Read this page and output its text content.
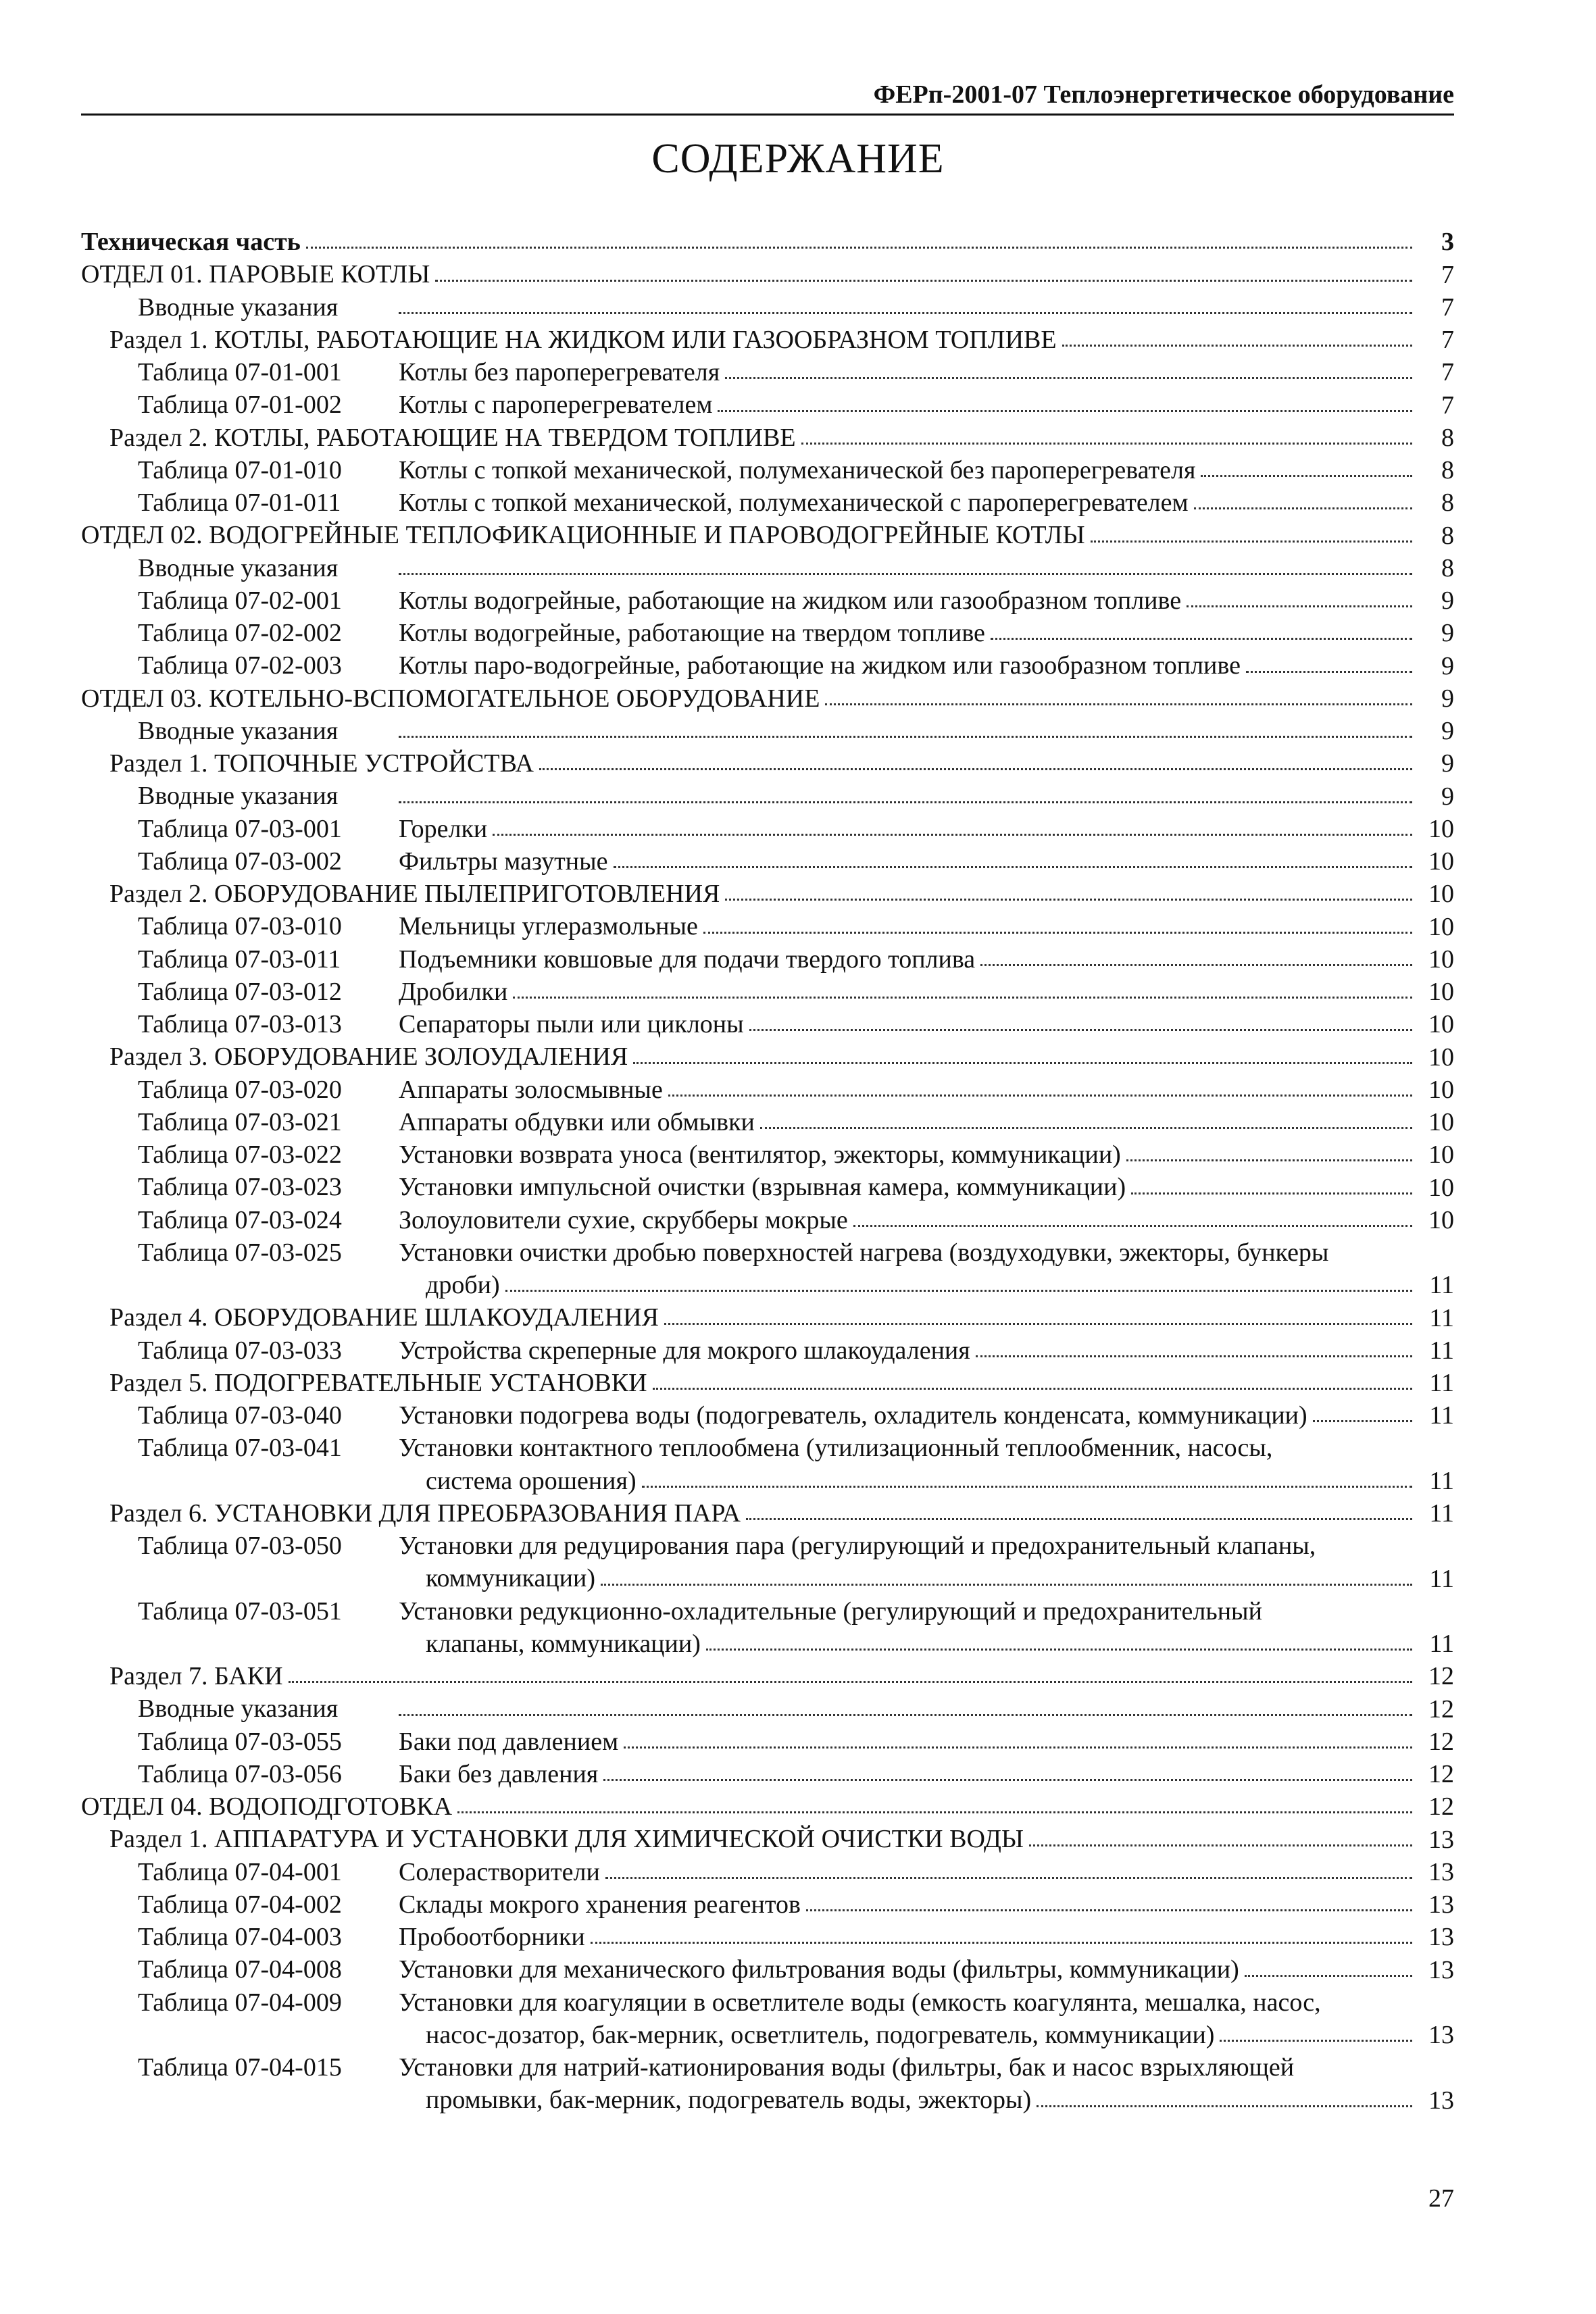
ФЕРп-2001-07 Теплоэнергетическое оборудование
СОДЕРЖАНИЕ
Техническая часть	3
ОТДЕЛ 01. ПАРОВЫЕ КОТЛЫ	7
Вводные указания	7
Раздел 1. КОТЛЫ, РАБОТАЮЩИЕ НА ЖИДКОМ ИЛИ ГАЗООБРАЗНОМ ТОПЛИВЕ	7
Таблица 07-01-001 Котлы без пароперегревателя	7
Таблица 07-01-002 Котлы с пароперегревателем	7
Раздел 2. КОТЛЫ, РАБОТАЮЩИЕ НА ТВЕРДОМ ТОПЛИВЕ	8
Таблица 07-01-010 Котлы с топкой механической, полумеханической без пароперегревателя	8
Таблица 07-01-011 Котлы с топкой механической, полумеханической с пароперегревателем	8
ОТДЕЛ 02. ВОДОГРЕЙНЫЕ ТЕПЛОФИКАЦИОННЫЕ И ПАРОВОДОГРЕЙНЫЕ КОТЛЫ	8
Вводные указания	8
Таблица 07-02-001 Котлы водогрейные, работающие на жидком или газообразном топливе	9
Таблица 07-02-002 Котлы водогрейные, работающие на твердом топливе	9
Таблица 07-02-003 Котлы паро-водогрейные, работающие на жидком или газообразном топливе	9
ОТДЕЛ 03. КОТЕЛЬНО-ВСПОМОГАТЕЛЬНОЕ ОБОРУДОВАНИЕ	9
Вводные указания	9
Раздел 1. ТОПОЧНЫЕ УСТРОЙСТВА	9
Вводные указания	9
Таблица 07-03-001 Горелки	10
Таблица 07-03-002 Фильтры мазутные	10
Раздел 2. ОБОРУДОВАНИЕ ПЫЛЕПРИГОТОВЛЕНИЯ	10
Таблица 07-03-010 Мельницы углеразмольные	10
Таблица 07-03-011 Подъемники ковшовые для подачи твердого топлива	10
Таблица 07-03-012 Дробилки	10
Таблица 07-03-013 Сепараторы пыли или циклоны	10
Раздел 3. ОБОРУДОВАНИЕ ЗОЛОУДАЛЕНИЯ	10
Таблица 07-03-020 Аппараты золосмывные	10
Таблица 07-03-021 Аппараты обдувки или обмывки	10
Таблица 07-03-022 Установки возврата уноса (вентилятор, эжекторы, коммуникации)	10
Таблица 07-03-023 Установки импульсной очистки (взрывная камера, коммуникации)	10
Таблица 07-03-024 Золоуловители сухие, скрубберы мокрые	10
Таблица 07-03-025 Установки очистки дробью поверхностей нагрева (воздуходувки, эжекторы, бункеры
дроби)	11
Раздел 4. ОБОРУДОВАНИЕ ШЛАКОУДАЛЕНИЯ	11
Таблица 07-03-033 Устройства скреперные для мокрого шлакоудаления	11
Раздел 5. ПОДОГРЕВАТЕЛЬНЫЕ УСТАНОВКИ	11
Таблица 07-03-040 Установки подогрева воды (подогреватель, охладитель конденсата, коммуникации)	11
Таблица 07-03-041 Установки контактного теплообмена (утилизационный теплообменник, насосы,
система орошения)	11
Раздел 6. УСТАНОВКИ ДЛЯ ПРЕОБРАЗОВАНИЯ ПАРА	11
Таблица 07-03-050 Установки для редуцирования пара (регулирующий и предохранительный клапаны,
коммуникации)	11
Таблица 07-03-051 Установки редукционно-охладительные (регулирующий и предохранительный
клапаны, коммуникации)	11
Раздел 7. БАКИ	12
Вводные указания	12
Таблица 07-03-055 Баки под давлением	12
Таблица 07-03-056 Баки без давления	12
ОТДЕЛ 04. ВОДОПОДГОТОВКА	12
Раздел 1. АППАРАТУРА И УСТАНОВКИ ДЛЯ ХИМИЧЕСКОЙ ОЧИСТКИ ВОДЫ	13
Таблица 07-04-001 Солерастворители	13
Таблица 07-04-002 Склады мокрого хранения реагентов	13
Таблица 07-04-003 Пробоотборники	13
Таблица 07-04-008 Установки для механического фильтрования воды (фильтры, коммуникации)	13
Таблица 07-04-009 Установки для коагуляции в осветлителе воды (емкость коагулянта, мешалка, насос,
насос-дозатор, бак-мерник, осветлитель, подогреватель, коммуникации)	13
Таблица 07-04-015 Установки для натрий-катионирования воды (фильтры, бак и насос взрыхляющей
промывки, бак-мерник, подогреватель воды, эжекторы)	13
27
